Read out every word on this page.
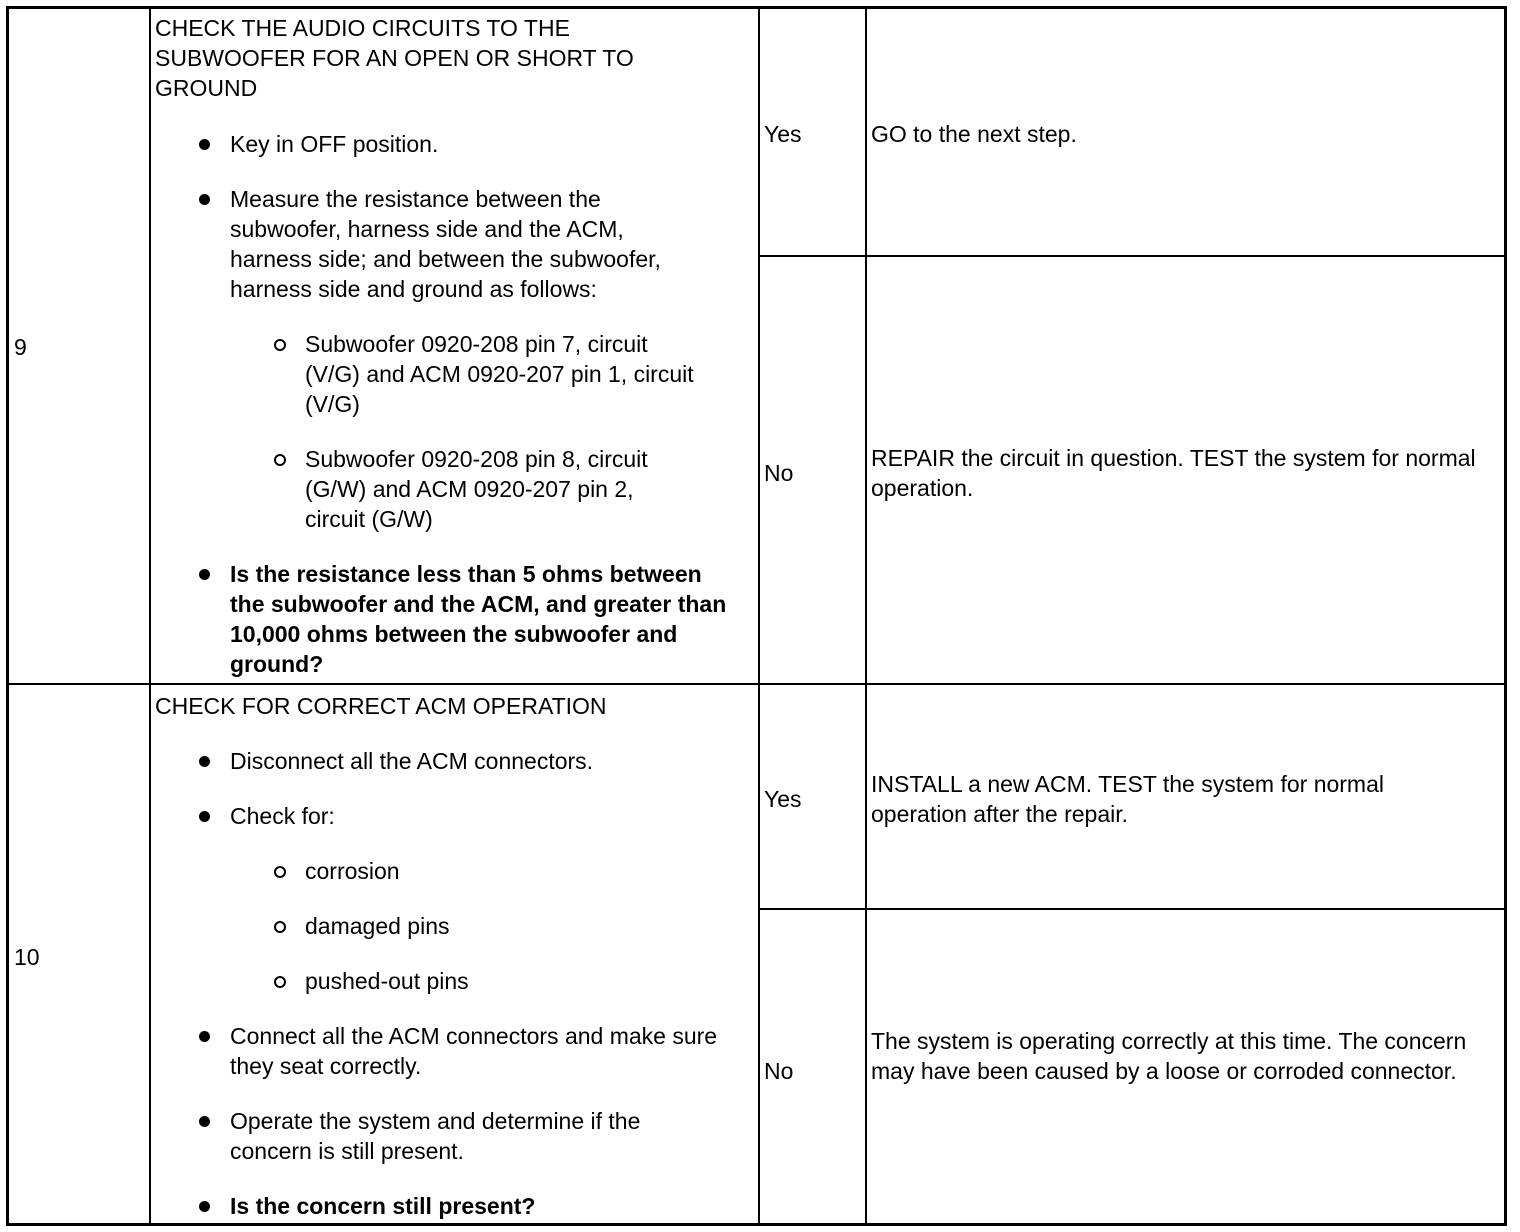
9
CHECK THE AUDIO CIRCUITS TO THE SUBWOOFER FOR AN OPEN OR SHORT TO GROUND
Key in OFF position.
Measure the resistance between the subwoofer, harness side and the ACM, harness side; and between the subwoofer, harness side and ground as follows:
Subwoofer 0920-208 pin 7, circuit (V/G) and ACM 0920-207 pin 1, circuit (V/G)
Subwoofer 0920-208 pin 8, circuit (G/W) and ACM 0920-207 pin 2, circuit (G/W)
Is the resistance less than 5 ohms between the subwoofer and the ACM, and greater than 10,000 ohms between the subwoofer and ground?
Yes	GO to the next step.
No
REPAIR the circuit in question. TEST the system for normal operation.
10
CHECK FOR CORRECT ACM OPERATION
Disconnect all the ACM connectors.
Check for:
corrosion
damaged pins
pushed-out pins
Connect all the ACM connectors and make sure they seat correctly.
Operate the system and determine if the concern is still present.
Is the concern still present?
Yes
INSTALL a new ACM. TEST the system for normal operation after the repair.
No
The system is operating correctly at this time. The concern may have been caused by a loose or corroded connector.
